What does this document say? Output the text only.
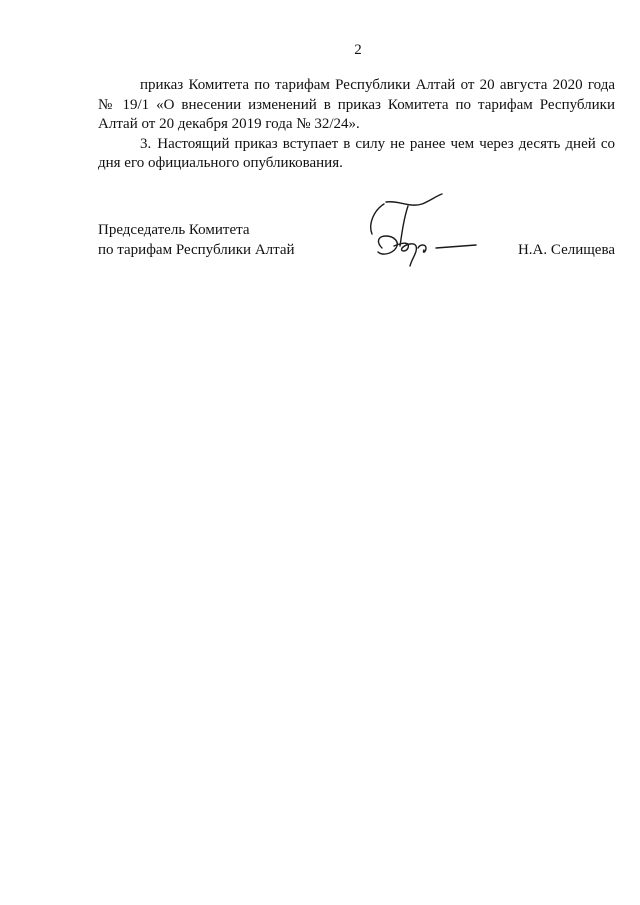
2

приказ Комитета по тарифам Республики Алтай от 20 августа 2020 года № 19/1 «О внесении изменений в приказ Комитета по тарифам Республики Алтай от 20 декабря 2019 года № 32/24».

3. Настоящий приказ вступает в силу не ранее чем через десять дней со дня его официального опубликования.

Председатель Комитета
по тарифам Республики Алтай	Н.А. Селищева
